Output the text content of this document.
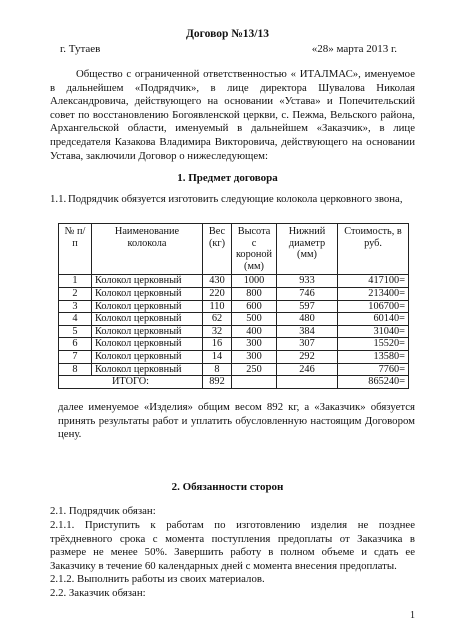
Договор №13/13
г. Тутаев	«28» марта 2013 г.

Общество с ограниченной ответственностью « ИТАЛМАС», именуемое в дальнейшем «Подрядчик», в лице директора Шувалова Николая Александровича, действующего на основании «Устава» и Попечительский совет по восстановлению Богоявленской церкви, с. Пежма, Вельского района, Архангельской области, именуемый в дальнейшем «Заказчик», в лице председателя Казакова Владимира Викторовича, действующего на основании Устава, заключили Договор о нижеследующем:

1. Предмет договора

1.1. Подрядчик обязуется изготовить следующие колокола церковного звона,

№ п/п	Наименование колокола	Вес (кг)	Высота с короной (мм)	Нижний диаметр (мм)	Стоимость, в руб.
1	Колокол церковный	430	1000	933	417100=
2	Колокол церковный	220	800	746	213400=
3	Колокол церковный	110	600	597	106700=
4	Колокол церковный	62	500	480	60140=
5	Колокол церковный	32	400	384	31040=
6	Колокол церковный	16	300	307	15520=
7	Колокол церковный	14	300	292	13580=
8	Колокол церковный	8	250	246	7760=
ИТОГО:		892			865240=

далее именуемое «Изделия» общим весом 892 кг, а «Заказчик» обязуется принять результаты работ и уплатить обусловленную настоящим Договором цену.

2. Обязанности сторон

2.1. Подрядчик обязан:

2.1.1. Приступить к работам по изготовлению изделия не позднее трёхдневного срока с момента поступления предоплаты от Заказчика в размере не менее 50%. Завершить работу в полном объеме и сдать ее Заказчику в течение 60 календарных дней с момента внесения предоплаты.

2.1.2. Выполнить работы из своих материалов.

2.2. Заказчик обязан:

1
